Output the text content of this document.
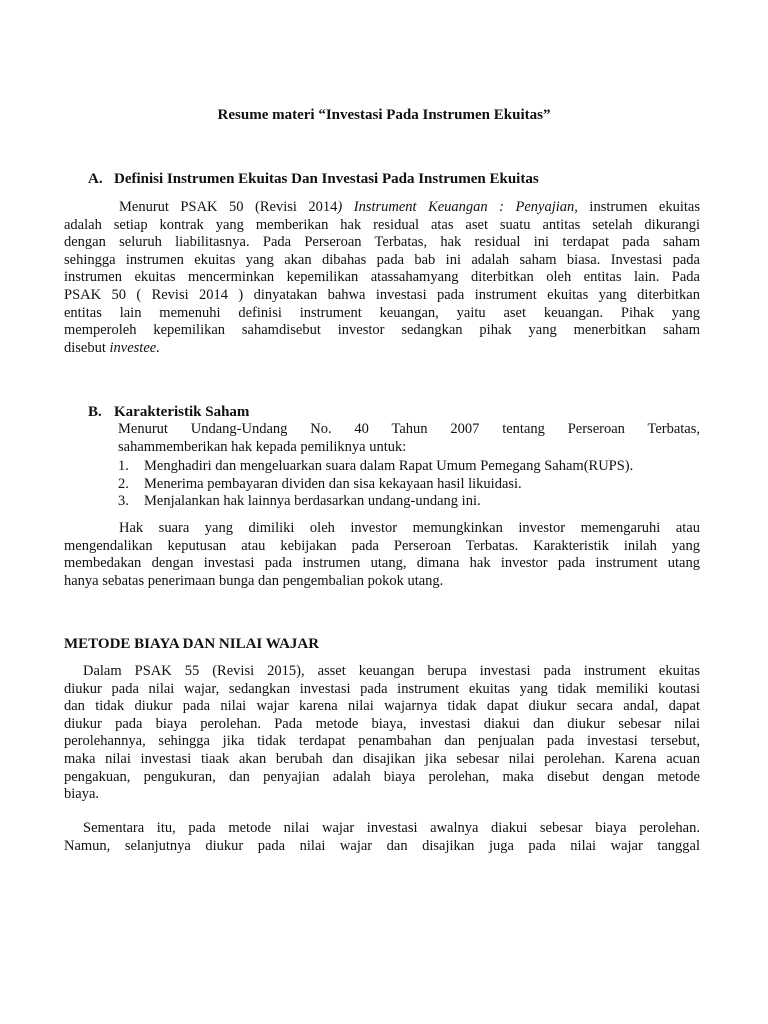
Resume materi “Investasi Pada Instrumen Ekuitas”
A. Definisi Instrumen Ekuitas Dan Investasi Pada Instrumen Ekuitas
Menurut PSAK 50 (Revisi 2014) Instrument Keuangan : Penyajian, instrumen ekuitas
adalah setiap kontrak yang memberikan hak residual atas aset suatu antitas setelah dikurangi
dengan seluruh liabilitasnya. Pada Perseroan Terbatas, hak residual ini terdapat pada saham
sehingga instrumen ekuitas yang akan dibahas pada bab ini adalah saham biasa. Investasi pada
instrumen ekuitas mencerminkan kepemilikan atassahamyang diterbitkan oleh entitas lain. Pada
PSAK 50 ( Revisi 2014 ) dinyatakan bahwa investasi pada instrument ekuitas yang diterbitkan
entitas lain memenuhi definisi instrument keuangan, yaitu aset keuangan. Pihak yang
memperoleh kepemilikan sahamdisebut investor sedangkan pihak yang menerbitkan saham
disebut investee.
B. Karakteristik Saham
Menurut Undang-Undang No. 40 Tahun 2007 tentang Perseroan Terbatas,
sahammemberikan hak kepada pemiliknya untuk:
1. Menghadiri dan mengeluarkan suara dalam Rapat Umum Pemegang Saham(RUPS).
2. Menerima pembayaran dividen dan sisa kekayaan hasil likuidasi.
3. Menjalankan hak lainnya berdasarkan undang-undang ini.
Hak suara yang dimiliki oleh investor memungkinkan investor memengaruhi atau
mengendalikan keputusan atau kebijakan pada Perseroan Terbatas. Karakteristik inilah yang
membedakan dengan investasi pada instrumen utang, dimana hak investor pada instrument utang
hanya sebatas penerimaan bunga dan pengembalian pokok utang.
METODE BIAYA DAN NILAI WAJAR
Dalam PSAK 55 (Revisi 2015), asset keuangan berupa investasi pada instrument ekuitas
diukur pada nilai wajar, sedangkan investasi pada instrument ekuitas yang tidak memiliki koutasi
dan tidak diukur pada nilai wajar karena nilai wajarnya tidak dapat diukur secara andal, dapat
diukur pada biaya perolehan. Pada metode biaya, investasi diakui dan diukur sebesar nilai
perolehannya, sehingga jika tidak terdapat penambahan dan penjualan pada investasi tersebut,
maka nilai investasi tiaak akan berubah dan disajikan jika sebesar nilai perolehan. Karena acuan
pengakuan, pengukuran, dan penyajian adalah biaya perolehan, maka disebut dengan metode
biaya.
Sementara itu, pada metode nilai wajar investasi awalnya diakui sebesar biaya perolehan.
Namun, selanjutnya diukur pada nilai wajar dan disajikan juga pada nilai wajar tanggal
